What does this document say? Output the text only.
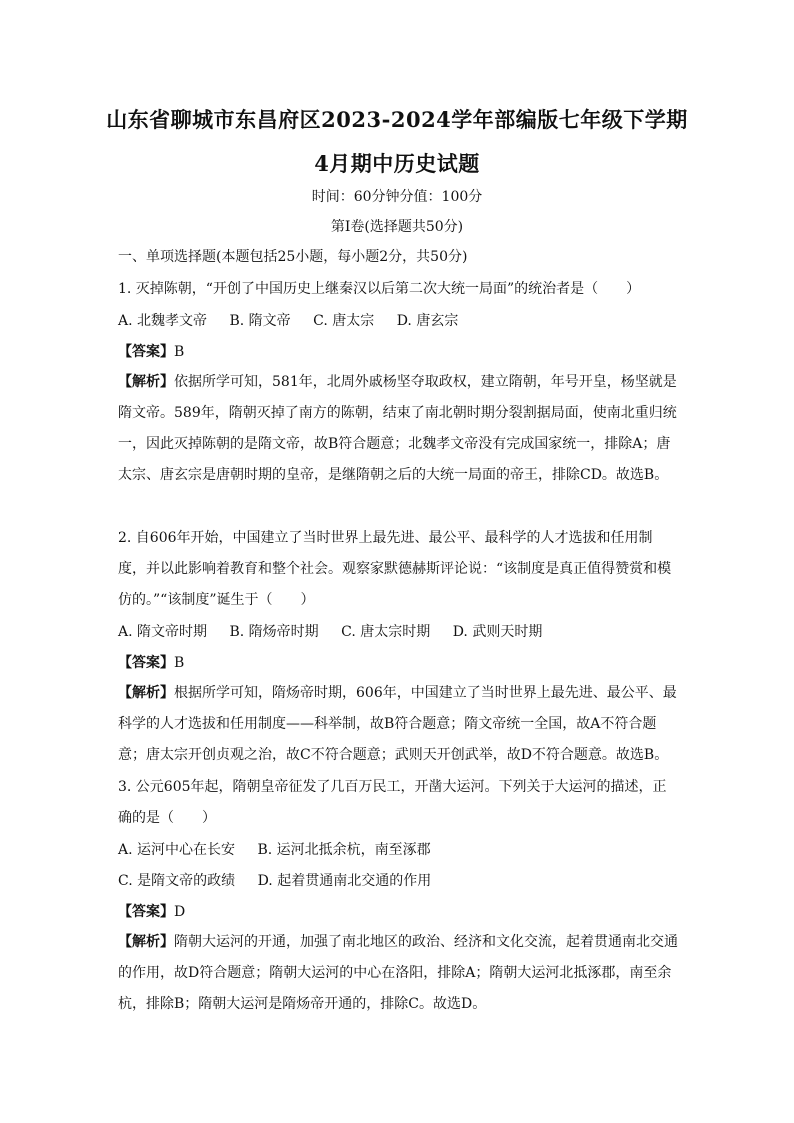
山东省聊城市东昌府区2023-2024学年部编版七年级下学期
4月期中历史试题
时间：60分钟分值：100分
第I卷(选择题共50分)
一、单项选择题(本题包括25小题，每小题2分，共50分)
1. 灭掉陈朝，“开创了中国历史上继秦汉以后第二次大统一局面”的统治者是（　　）
A. 北魏孝文帝 B. 隋文帝 C. 唐太宗 D. 唐玄宗
【答案】B
【解析】依据所学可知，581年，北周外戚杨坚夺取政权，建立隋朝，年号开皇，杨坚就是隋文帝。589年，隋朝灭掉了南方的陈朝，结束了南北朝时期分裂割据局面，使南北重归统一，因此灭掉陈朝的是隋文帝，故B符合题意；北魏孝文帝没有完成国家统一，排除A；唐太宗、唐玄宗是唐朝时期的皇帝，是继隋朝之后的大统一局面的帝王，排除CD。故选B。
2. 自606年开始，中国建立了当时世界上最先进、最公平、最科学的人才选拔和任用制度，并以此影响着教育和整个社会。观察家默德赫斯评论说：“该制度是真正值得赞赏和模仿的。”“该制度”诞生于（　　）
A. 隋文帝时期 B. 隋炀帝时期 C. 唐太宗时期 D. 武则天时期
【答案】B
【解析】根据所学可知，隋炀帝时期，606年，中国建立了当时世界上最先进、最公平、最科学的人才选拔和任用制度——科举制，故B符合题意；隋文帝统一全国，故A不符合题意；唐太宗开创贞观之治，故C不符合题意；武则天开创武举，故D不符合题意。故选B。
3. 公元605年起，隋朝皇帝征发了几百万民工，开凿大运河。下列关于大运河的描述，正确的是（　　）
A. 运河中心在长安 B. 运河北抵余杭，南至涿郡
C. 是隋文帝的政绩 D. 起着贯通南北交通的作用
【答案】D
【解析】隋朝大运河的开通，加强了南北地区的政治、经济和文化交流，起着贯通南北交通的作用，故D符合题意；隋朝大运河的中心在洛阳，排除A；隋朝大运河北抵涿郡，南至余杭，排除B；隋朝大运河是隋炀帝开通的，排除C。故选D。
